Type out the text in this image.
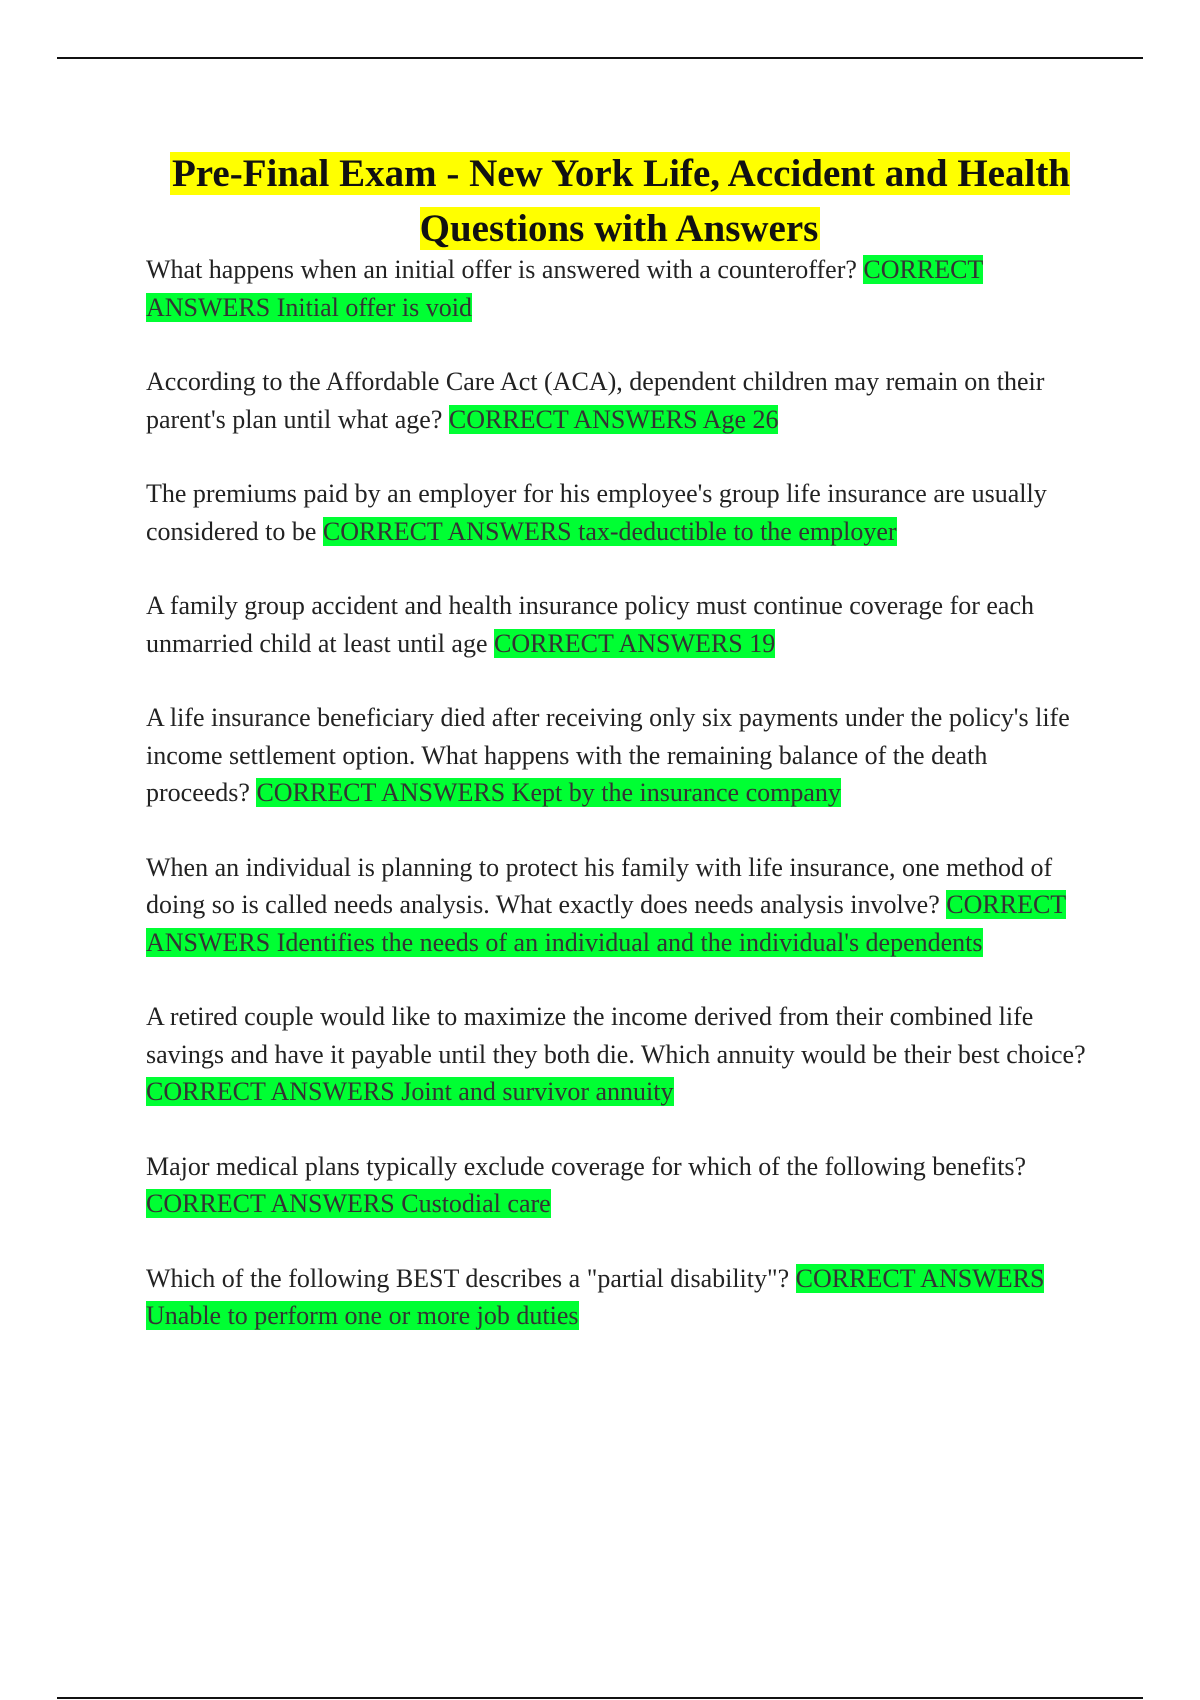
Pre-Final Exam - New York Life, Accident and Health Questions with Answers

What happens when an initial offer is answered with a counteroffer? CORRECT ANSWERS Initial offer is void

According to the Affordable Care Act (ACA), dependent children may remain on their parent's plan until what age? CORRECT ANSWERS Age 26

The premiums paid by an employer for his employee's group life insurance are usually considered to be CORRECT ANSWERS tax-deductible to the employer

A family group accident and health insurance policy must continue coverage for each unmarried child at least until age CORRECT ANSWERS 19

A life insurance beneficiary died after receiving only six payments under the policy's life income settlement option. What happens with the remaining balance of the death proceeds? CORRECT ANSWERS Kept by the insurance company

When an individual is planning to protect his family with life insurance, one method of doing so is called needs analysis. What exactly does needs analysis involve? CORRECT ANSWERS Identifies the needs of an individual and the individual's dependents

A retired couple would like to maximize the income derived from their combined life savings and have it payable until they both die. Which annuity would be their best choice? CORRECT ANSWERS Joint and survivor annuity

Major medical plans typically exclude coverage for which of the following benefits? CORRECT ANSWERS Custodial care

Which of the following BEST describes a "partial disability"? CORRECT ANSWERS Unable to perform one or more job duties
